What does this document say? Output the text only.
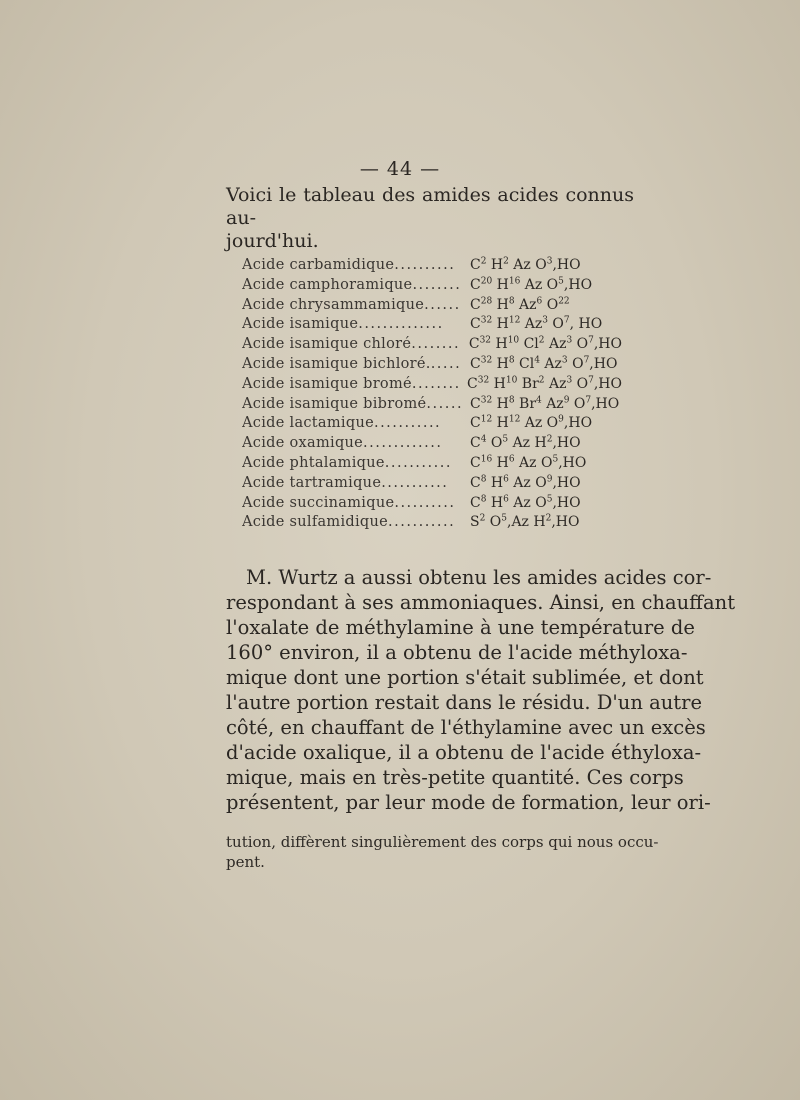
— 44 —

Voici le tableau des amides acides connus au-

jourd'hui.

Acide carbamidique..........	$C^2$ $H^2$ Az $O^3,HO$
Acide camphoramique........ $C^{20}$ $H^{16}$ Az $O^5,HO$
Acide chrysammamique...... $C^{28}$ $H^8$ Az$^6$ $O^{22}$
Acide isamique..............	$C^{32}$ $H^{12}$ Az$^3$ $O^7$, HO
Acide isamique chloré........ $C^{32}$ $H^{10}$ Cl$^2$ Az$^3$ $O^7,HO$
Acide isamique bichloré...... $C^{32}$ $H^8$ Cl$^4$ Az$^3$ $O^7,HO$
Acide isamique bromé........ $C^{32}$ $H^{10}$ Br$^2$ Az$^3$ $O^7,HO$
Acide isamique bibromé...... $C^{32}$ $H^8$ Br$^4$ Az$^9$ $O^7,HO$
Acide lactamique...........	$C^{12}$ $H^{12}$ Az $O^9,HO$
Acide oxamique.............	$C^4$ $O^5$ Az $H^2,HO$
Acide phtalamique...........	$C^{16}$ $H^6$ Az $O^5,HO$
Acide tartramique...........	$C^8$ $H^6$ Az $O^9,HO$
Acide succinamique..........	$C^8$ $H^6$ Az $O^5,HO$
Acide sulfamidique...........	$S^2$ $O^5,Az$ $H^2,HO$
M. Wurtz a aussi obtenu les amides acides cor-
respondant à ses ammoniaques. Ainsi, en chauffant
l'oxalate de méthylamine à une température de
160° environ, il a obtenu de l'acide méthyloxa-
mique dont une portion s'était sublimée, et dont
l'autre portion restait dans le résidu. D'un autre
côté, en chauffant de l'éthylamine avec un excès
d'acide oxalique, il a obtenu de l'acide éthyloxa-
mique, mais en très-petite quantité. Ces corps
présentent, par leur mode de formation, leur ori-
tution, diffèrent singulièrement des corps qui nous occu-
pent.
